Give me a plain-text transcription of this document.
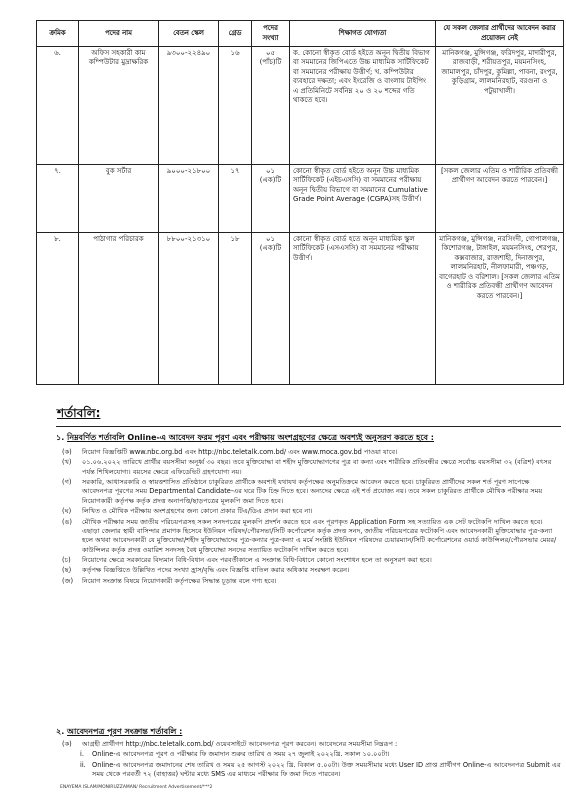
ক্রমিক	পদের নাম	বেতন স্কেল	গ্রেড	পদের সংখ্যা	শিক্ষাগত যোগ্যতা	যে সকল জেলার প্রার্থীদের আবেদন করার প্রয়োজন নেই
৬.	অফিস সহকারী কাম কম্পিউটার মুদ্রাক্ষরিক	৯৩০০-২২৪৯০	১৬	০৫ (পাঁচ)টি	ক. কোনো স্বীকৃত বোর্ড হইতে অনূন দ্বিতীয় বিভাগ বা সমমানের জিপিএতে উচ্চ মাধ্যমিক সার্টিফিকেট বা সমমানের পরীক্ষায় উত্তীর্ণ; খ. কম্পিউটার ব্যবহারে দক্ষতা; এবং ইংরেজি ও বাংলায় টাইপিং এ প্রতিমিনিটে সর্বনিম্ন ২০ ও ২০ শব্দের গতি থাকতে হবে।	মানিকগঞ্জ, মুন্সিগঞ্জ, ফরিদপুর, মাদারীপুর, রাজবাড়ী, শরীয়তপুর, ময়মনসিংহ, জামালপুর, চাঁদপুর, কুমিল্লা, পাবনা, রংপুর, কুড়িগ্রাম, লালমনিরহাট, বরগুনা ও পটুয়াখালী।
৭.	বুক সর্টার	৯০০০-২১৮০০	১৭	০১ (এক)টি	কোনো স্বীকৃত বোর্ড হইতে অনূন উচ্চ মাধ্যমিক সার্টিফিকেট (এইচএসসি) বা সমমানের পরীক্ষায় অনূন দ্বিতীয় বিভাগে বা সমমানের Cumulative Grade Point Average (CGPA)সহ উত্তীর্ণ।	[সকল জেলার এতিম ও শারীরিক প্রতিবন্ধী প্রার্থীগণ আবেদন করতে পারবেন।]
৮.	পাঠাগার পরিচারক	৮৮০০-২১৩১০	১৮	০১ (এক)টি	কোনো স্বীকৃত বোর্ড হতে অনূন মাধ্যমিক স্কুল সার্টিফিকেট (এসএসসি) বা সমমানের পরীক্ষায় উত্তীর্ণ।	মানিকগঞ্জ, মুন্সিগঞ্জ, নরসিংদী, গোপালগঞ্জ, কিশোরগঞ্জ, টাঙ্গাইল, ময়মনসিংহ, শেরপুর, কক্সবাজার, রাজশাহী, দিনাজপুর, লালমনিরহাট, নীলফামারী, পঞ্চগড়, বাগেরহাট ও বরিশাল। [সকল জেলার এতিম ও শারীরিক প্রতিবন্ধী প্রার্থীগণ আবেদন করতে পারবেন।]
শর্তাবলি:
১. নিম্নবর্ণিত শর্তাবলি Online-এ আবেদন ফরম পূরণ এবং পরীক্ষায় অংশগ্রহণের ক্ষেত্রে অবশ্যই অনুসরণ করতে হবে :
(ক) নিয়োগ বিজ্ঞপ্তিটি www.nbc.org.bd এবং http://nbc.teletalk.com.bd/ এবং www.moca.gov.bd পাওয়া যাবে।
(খ) ০১.০৬.২০২২ তারিখে প্রার্থীর বয়সসীমা অনূর্ধ্ব ৩০ বছর। তবে মুক্তিযোদ্ধা বা শহীদ মুক্তিযোদ্ধাগণের পুত্র বা কন্যা এবং শারীরিক প্রতিবন্ধীর ক্ষেত্রে সর্বোচ্চ বয়সসীমা ৩২ (বত্রিশ) বৎসর পর্যন্ত শিথিলযোগ্য। বয়সের ক্ষেত্রে এফিডেভিট গ্রহণযোগ্য নয়।
(গ) সরকারি, আধাসরকারি ও স্বায়ত্তশাসিত প্রতিষ্ঠানে চাকুরিরত প্রার্থীকে অবশ্যই যথাযথ কর্তৃপক্ষের অনুমতিক্রমে আবেদন করতে হবে। চাকুরিরত প্রার্থীদের সকল শর্ত পূরণ সাপেক্ষে আবেদনপত্র পূরণের সময় Departmental Candidate-এর ঘরে টিক চিহ্ন দিতে হবে। অন্যদের ক্ষেত্রে এই শর্ত প্রযোজ্য নয়। তবে সকল চাকুরিরত প্রার্থীকে মৌখিক পরীক্ষার সময় নিয়োগকারী কর্তৃপক্ষ কর্তৃক প্রদত্ত অনাপত্তি/ছাড়পত্রের মূলকপি জমা দিতে হবে।
(ঘ) লিখিত ও মৌখিক পরীক্ষায় অংশগ্রহণের জন্য কোনো প্রকার টিএ/ডিএ প্রদান করা হবে না।
(ঙ) মৌখিক পরীক্ষার সময় জাতীয় পরিচয়পত্রসহ সকল সনদপত্রের মূলকপি প্রদর্শন করতে হবে এবং পূরণকৃত Application Form সহ সত্যায়িত এক সেট ফটোকপি দাখিল করতে হবে। এছাড়া জেলার স্থায়ী বাসিন্দার প্রমাণক হিসেবে ইউনিয়ন পরিষদ/পৌরসভা/সিটি কর্পোরেশন কর্তৃক প্রদত্ত সনদ, জাতীয় পরিচয়পত্রের ফটোকপি এবং আবেদনকারী মুক্তিযোদ্ধার পুত্র-কন্যা হলে অথবা আবেদনকারী যে মুক্তিযোদ্ধা/শহীদ মুক্তিযোদ্ধাদের পুত্র-কন্যার পুত্র-কন্যা এ মর্মে সংশ্লিষ্ট ইউনিয়ন পরিষদের চেয়ারম্যান/সিটি কর্পোরেশনের ওয়ার্ড কাউন্সিলর/পৌরসভার মেয়র/কাউন্সিলর কর্তৃক প্রদত্ত ওয়ারিশ সনদসহ বৈধ মুক্তিযোদ্ধা সনদের সত্যায়িত ফটোকপি দাখিল করতে হবে।
(চ) নিয়োগের ক্ষেত্রে সরকারের বিদ্যমান বিধি-বিধান এবং পরবর্তীকালে এ সংক্রান্ত বিধি-বিধানে কোনো সংশোধন হলে তা অনুসরণ করা হবে।
(ছ) কর্তৃপক্ষ বিজ্ঞপ্তিতে উল্লিখিত পদের সংখ্যা হ্রাস/বৃদ্ধি এবং বিজ্ঞপ্তি বাতিল করার অধিকার সংরক্ষণ করেন।
(জ) নিয়োগ সংক্রান্ত বিষয়ে নিয়োগকারী কর্তৃপক্ষের সিদ্ধান্ত চূড়ান্ত বলে গণ্য হবে।
২. আবেদনপত্র পূরণ সংক্রান্ত শর্তাবলি :
(ক) আগ্রহী প্রার্থীগণ http://nbc.teletalk.com.bd/ ওয়েবসাইটে আবেদনপত্র পূরণ করবেন। আবেদনের সময়সীমা নিম্নরূপ :
i. Online-এ আবেদনপত্র পূরণ ও পরীক্ষার ফি জমাদান শুরুর তারিখ ও সময় ২৭ জুলাই ২০২২খ্রি. সকাল ১০.০০টা।
ii. Online-এ আবেদনপত্র জমাদানের শেষ তারিখ ও সময় ২৫ আগস্ট ২০২২ খ্রি. বিকাল ৫.০০টা। উক্ত সময়সীমার মধ্যে User ID প্রাপ্ত প্রার্থীগণ Online-এ আবেদনপত্র Submit এর সময় থেকে পরবর্তী ৭২ (বাহাত্তর) ঘন্টার মধ্যে SMS এর মাধ্যমে পরীক্ষার ফি জমা দিতে পারবেন।
ENAYEMA ISLAM/MONIRUZZAMAN/ Recruitment Advertisement/***2
